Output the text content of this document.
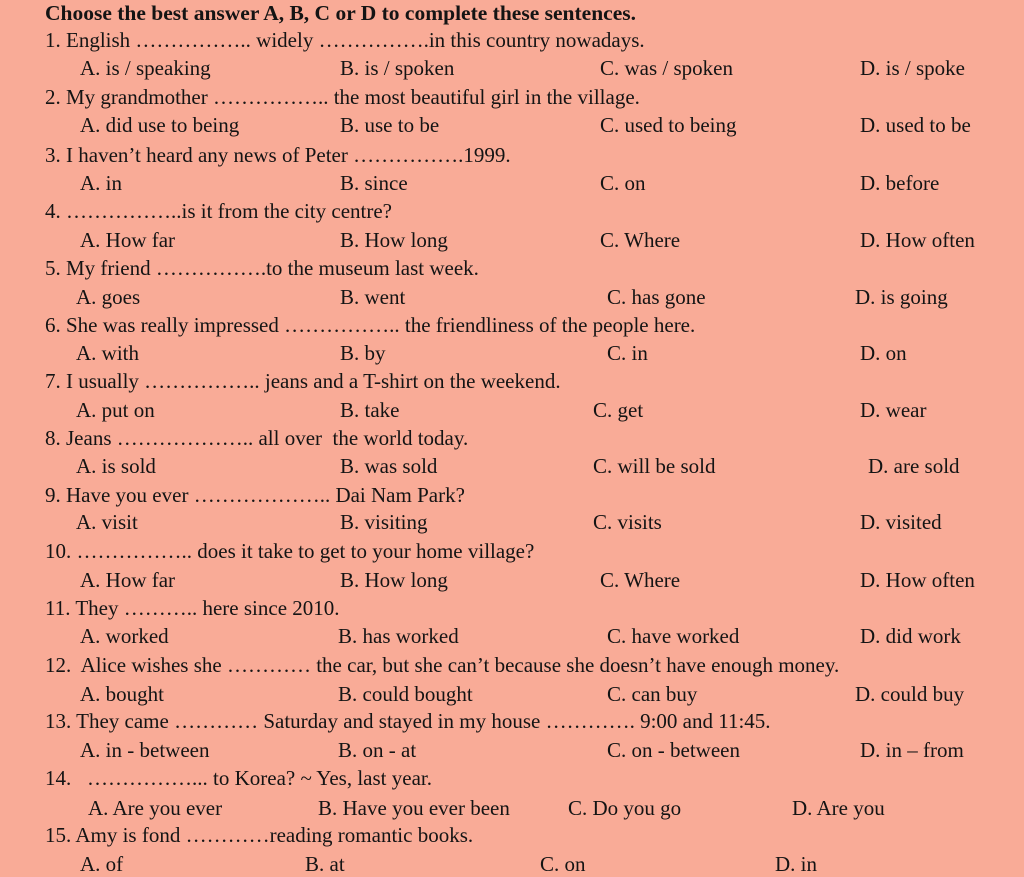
Choose the best answer A, B, C or D to complete these sentences.
1. English …………….. widely …………….in this country nowadays.
A. is / speaking	B. is / spoken	C. was / spoken	D. is / spoke
2. My grandmother …………….. the most beautiful girl in the village.
A. did use to being	B. use to be	C. used to being	D. used to be
3. I haven’t heard any news of Peter …………….1999.
A. in	B. since	C. on	D. before
4. ……………..is it from the city centre?
A. How far	B. How long	C. Where	D. How often
5. My friend …………….to the museum last week.
A. goes	B. went	C. has gone	D. is going
6. She was really impressed …………….. the friendliness of the people here.
A. with	B. by	C. in	D. on
7. I usually …………….. jeans and a T-shirt on the weekend.
A. put on	B. take	C. get	D. wear
8. Jeans ……………….. all over  the world today.
A. is sold	B. was sold	C. will be sold	D. are sold
9. Have you ever ……………….. Dai Nam Park?
A. visit	B. visiting	C. visits	D. visited
10. …………….. does it take to get to your home village?
A. How far	B. How long	C. Where	D. How often
11. They ……….. here since 2010.
A. worked	B. has worked	C. have worked	D. did work
12.  Alice wishes she ………… the car, but she can’t because she doesn’t have enough money.
A. bought	B. could bought	C. can buy	D. could buy
13. They came ………… Saturday and stayed in my house …………. 9:00 and 11:45.
A. in - between	B. on - at	C. on - between	D. in – from
14.   ……………... to Korea? ~ Yes, last year.
A. Are you ever	B. Have you ever been	C. Do you go	D. Are you
15. Amy is fond …………reading romantic books.
A. of	B. at	C. on	D. in
